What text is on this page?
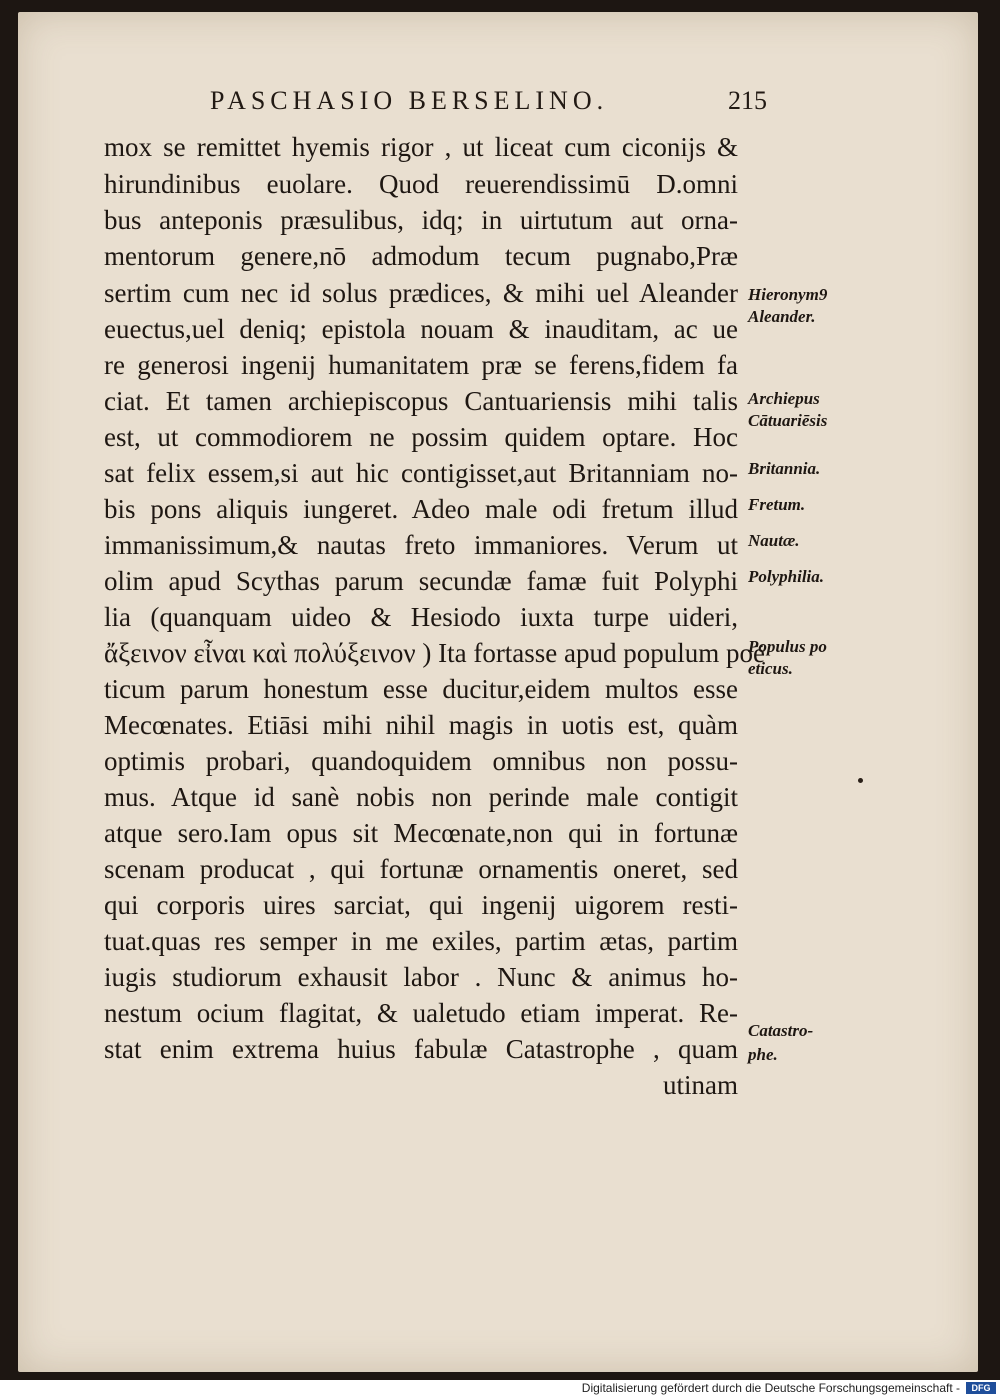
PASCHASIO BERSELINO.	215
mox se remittet hyemis rigor , ut liceat cum ciconijs &
hirundinibus euolare. Quod reuerendissimū D.omni
bus anteponis præsulibus, idq; in uirtutum aut orna-
mentorum genere,nō admodum tecum pugnabo,Præ
sertim cum nec id solus prædices, & mihi uel Aleander
euectus,uel deniq; epistola nouam & inauditam, ac ue
re generosi ingenij humanitatem præ se ferens,fidem fa
ciat. Et tamen archiepiscopus Cantuariensis mihi talis
est, ut commodiorem ne possim quidem optare. Hoc
sat felix essem,si aut hic contigisset,aut Britanniam no-
bis pons aliquis iungeret. Adeo male odi fretum illud
immanissimum,& nautas freto immaniores. Verum ut
olim apud Scythas parum secundæ famæ fuit Polyphi
lia (quanquam uideo & Hesiodo iuxta turpe uideri,
ἄξεινον εἶναι καὶ πολύξεινον ) Ita fortasse apud populum poë
ticum parum honestum esse ducitur,eidem multos esse
Mecœnates. Etiāsi mihi nihil magis in uotis est, quàm
optimis probari, quandoquidem omnibus non possu-
mus. Atque id sanè nobis non perinde male contigit
atque sero.Iam opus sit Mecœnate,non qui in fortunæ
scenam producat , qui fortunæ ornamentis oneret, sed
qui corporis uires sarciat, qui ingenij uigorem resti-
tuat.quas res semper in me exiles, partim ætas, partim
iugis studiorum exhausit labor . Nunc & animus ho-
nestum ocium flagitat, & ualetudo etiam imperat. Re-
stat enim extrema huius fabulæ Catastrophe , quam
utinam
Hieronym9
Aleander.
Archiepus
Cātuariēsis
Britannia.
Fretum.
Nautæ.
Polyphilia.
Populus po
eticus.
Catastro-
phe.
Digitalisierung gefördert durch die Deutsche Forschungsgemeinschaft -	DFG
